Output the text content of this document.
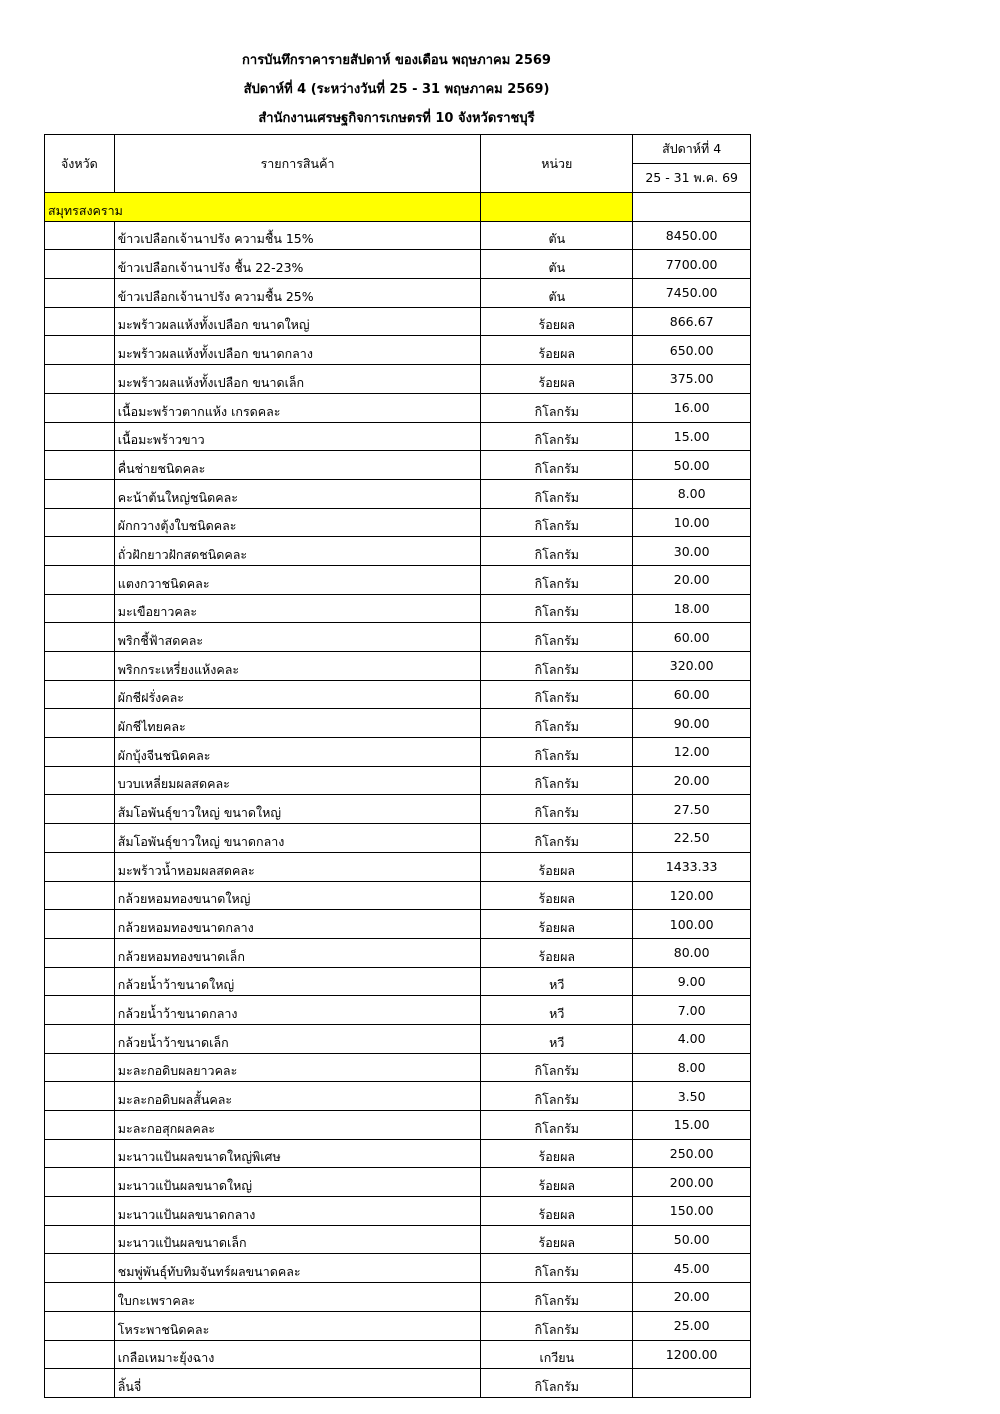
การบันทึกราคารายสัปดาห์ ของเดือน พฤษภาคม 2569
สัปดาห์ที่ 4 (ระหว่างวันที่ 25 - 31 พฤษภาคม 2569)
สำนักงานเศรษฐกิจการเกษตรที่ 10 จังหวัดราชบุรี
จังหวัด	รายการสินค้า	หน่วย	สัปดาห์ที่ 4
			25 - 31 พ.ค. 69
สมุทรสงคราม			
	ข้าวเปลือกเจ้านาปรัง ความชื้น 15%	ตัน	8450.00
	ข้าวเปลือกเจ้านาปรัง ชื้น 22-23%	ตัน	7700.00
	ข้าวเปลือกเจ้านาปรัง ความชื้น 25%	ตัน	7450.00
	มะพร้าวผลแห้งทั้งเปลือก ขนาดใหญ่	ร้อยผล	866.67
	มะพร้าวผลแห้งทั้งเปลือก ขนาดกลาง	ร้อยผล	650.00
	มะพร้าวผลแห้งทั้งเปลือก ขนาดเล็ก	ร้อยผล	375.00
	เนื้อมะพร้าวตากแห้ง เกรดคละ	กิโลกรัม	16.00
	เนื้อมะพร้าวขาว	กิโลกรัม	15.00
	คื่นช่ายชนิดคละ	กิโลกรัม	50.00
	คะน้าต้นใหญ่ชนิดคละ	กิโลกรัม	8.00
	ผักกวางตุ้งใบชนิดคละ	กิโลกรัม	10.00
	ถั่วฝักยาวฝักสดชนิดคละ	กิโลกรัม	30.00
	แตงกวาชนิดคละ	กิโลกรัม	20.00
	มะเขือยาวคละ	กิโลกรัม	18.00
	พริกชี้ฟ้าสดคละ	กิโลกรัม	60.00
	พริกกระเหรี่ยงแห้งคละ	กิโลกรัม	320.00
	ผักชีฝรั่งคละ	กิโลกรัม	60.00
	ผักชีไทยคละ	กิโลกรัม	90.00
	ผักบุ้งจีนชนิดคละ	กิโลกรัม	12.00
	บวบเหลี่ยมผลสดคละ	กิโลกรัม	20.00
	ส้มโอพันธุ์ขาวใหญ่ ขนาดใหญ่	กิโลกรัม	27.50
	ส้มโอพันธุ์ขาวใหญ่ ขนาดกลาง	กิโลกรัม	22.50
	มะพร้าวน้ำหอมผลสดคละ	ร้อยผล	1433.33
	กล้วยหอมทองขนาดใหญ่	ร้อยผล	120.00
	กล้วยหอมทองขนาดกลาง	ร้อยผล	100.00
	กล้วยหอมทองขนาดเล็ก	ร้อยผล	80.00
	กล้วยน้ำว้าขนาดใหญ่	หวี	9.00
	กล้วยน้ำว้าขนาดกลาง	หวี	7.00
	กล้วยน้ำว้าขนาดเล็ก	หวี	4.00
	มะละกอดิบผลยาวคละ	กิโลกรัม	8.00
	มะละกอดิบผลสั้นคละ	กิโลกรัม	3.50
	มะละกอสุกผลคละ	กิโลกรัม	15.00
	มะนาวแป้นผลขนาดใหญ่พิเศษ	ร้อยผล	250.00
	มะนาวแป้นผลขนาดใหญ่	ร้อยผล	200.00
	มะนาวแป้นผลขนาดกลาง	ร้อยผล	150.00
	มะนาวแป้นผลขนาดเล็ก	ร้อยผล	50.00
	ชมพู่พันธุ์ทับทิมจันทร์ผลขนาดคละ	กิโลกรัม	45.00
	ใบกะเพราคละ	กิโลกรัม	20.00
	โหระพาชนิดคละ	กิโลกรัม	25.00
	เกลือเหมาะยุ้งฉาง	เกวียน	1200.00
	ลิ้นจี่	กิโลกรัม	
